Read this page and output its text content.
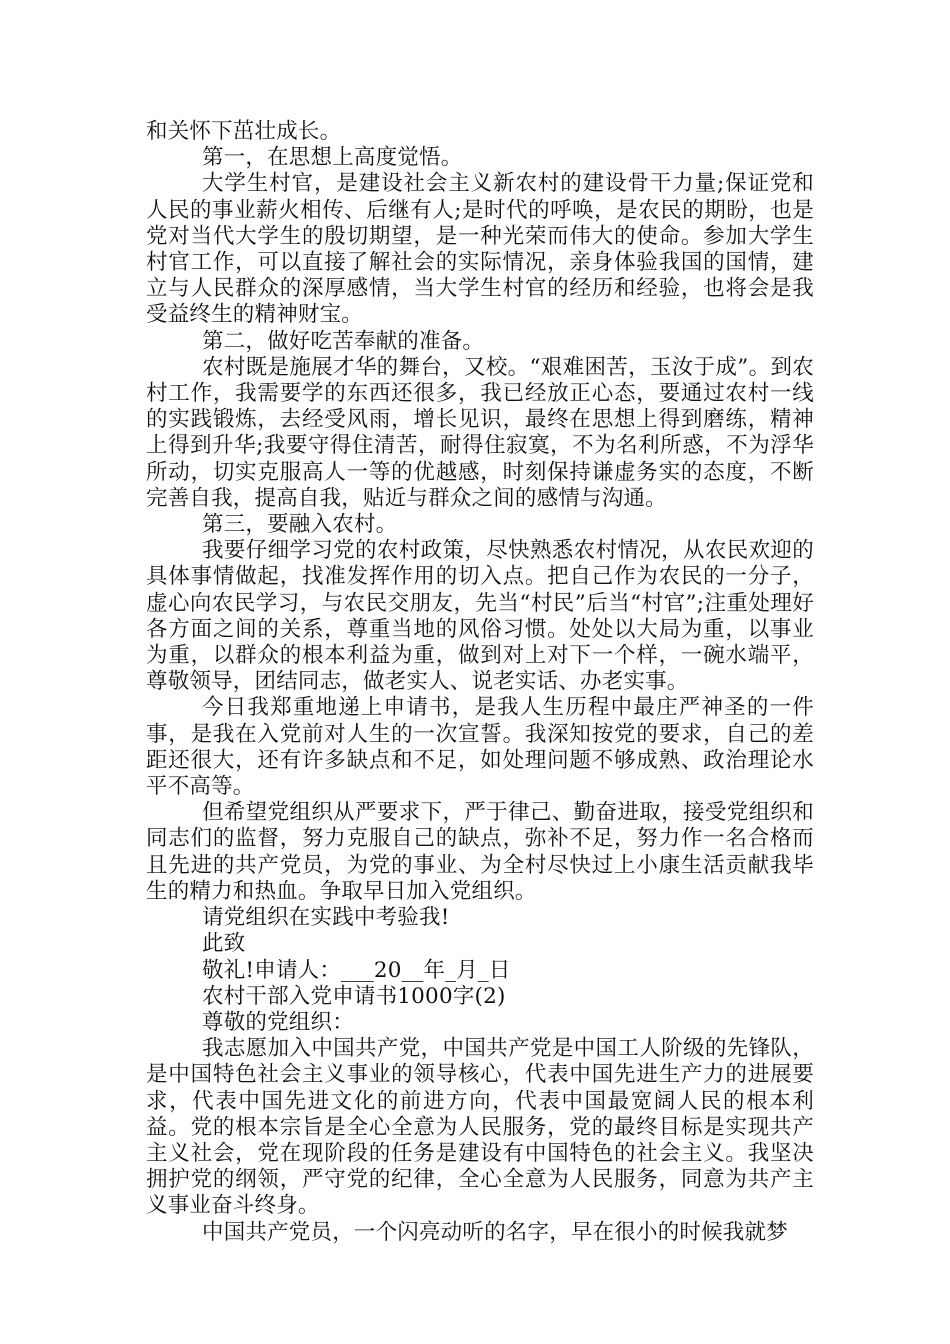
和关怀下茁壮成长。

第一，在思想上高度觉悟。

大学生村官，是建设社会主义新农村的建设骨干力量;保证党和人民的事业薪火相传、后继有人;是时代的呼唤，是农民的期盼，也是党对当代大学生的殷切期望，是一种光荣而伟大的使命。参加大学生村官工作，可以直接了解社会的实际情况，亲身体验我国的国情，建立与人民群众的深厚感情，当大学生村官的经历和经验，也将会是我受益终生的精神财宝。

第二，做好吃苦奉献的准备。

农村既是施展才华的舞台，又校。“艰难困苦，玉汝于成”。到农村工作，我需要学的东西还很多，我已经放正心态，要通过农村一线的实践锻炼，去经受风雨，增长见识，最终在思想上得到磨练，精神上得到升华;我要守得住清苦，耐得住寂寞，不为名利所惑，不为浮华所动，切实克服高人一等的优越感，时刻保持谦虚务实的态度，不断完善自我，提高自我，贴近与群众之间的感情与沟通。

第三，要融入农村。

我要仔细学习党的农村政策，尽快熟悉农村情况，从农民欢迎的具体事情做起，找准发挥作用的切入点。把自己作为农民的一分子，虚心向农民学习，与农民交朋友，先当“村民”后当“村官”;注重处理好各方面之间的关系，尊重当地的风俗习惯。处处以大局为重，以事业为重，以群众的根本利益为重，做到对上对下一个样，一碗水端平，尊敬领导，团结同志，做老实人、说老实话、办老实事。

今日我郑重地递上申请书，是我人生历程中最庄严神圣的一件事，是我在入党前对人生的一次宣誓。我深知按党的要求，自己的差距还很大，还有许多缺点和不足，如处理问题不够成熟、政治理论水平不高等。

但希望党组织从严要求下，严于律己、勤奋进取，接受党组织和同志们的监督，努力克服自己的缺点，弥补不足，努力作一名合格而且先进的共产党员，为党的事业、为全村尽快过上小康生活贡献我毕生的精力和热血。争取早日加入党组织。

请党组织在实践中考验我!

此致

敬礼!申请人：___20__年_月_日

农村干部入党申请书1000字(2)

尊敬的党组织：

我志愿加入中国共产党，中国共产党是中国工人阶级的先锋队，是中国特色社会主义事业的领导核心，代表中国先进生产力的进展要求，代表中国先进文化的前进方向，代表中国最宽阔人民的根本利益。党的根本宗旨是全心全意为人民服务，党的最终目标是实现共产主义社会，党在现阶段的任务是建设有中国特色的社会主义。我坚决拥护党的纲领，严守党的纪律，全心全意为人民服务，同意为共产主义事业奋斗终身。

中国共产党员，一个闪亮动听的名字，早在很小的时候我就梦
